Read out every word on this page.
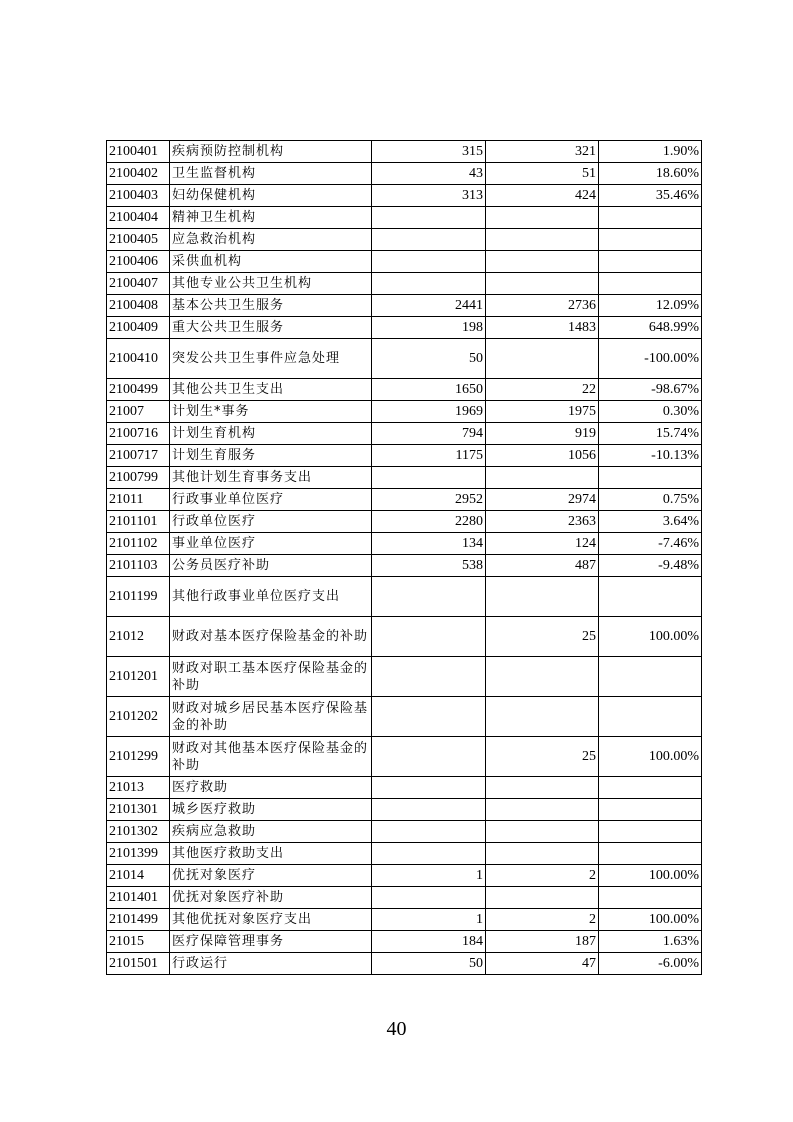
2100401	疾病预防控制机构	315	321	1.90%
2100402	卫生监督机构	43	51	18.60%
2100403	妇幼保健机构	313	424	35.46%
2100404	精神卫生机构			
2100405	应急救治机构			
2100406	采供血机构			
2100407	其他专业公共卫生机构			
2100408	基本公共卫生服务	2441	2736	12.09%
2100409	重大公共卫生服务	198	1483	648.99%
2100410	突发公共卫生事件应急处理	50		-100.00%
2100499	其他公共卫生支出	1650	22	-98.67%
21007	计划生*事务	1969	1975	0.30%
2100716	计划生育机构	794	919	15.74%
2100717	计划生育服务	1175	1056	-10.13%
2100799	其他计划生育事务支出			
21011	行政事业单位医疗	2952	2974	0.75%
2101101	行政单位医疗	2280	2363	3.64%
2101102	事业单位医疗	134	124	-7.46%
2101103	公务员医疗补助	538	487	-9.48%
2101199	其他行政事业单位医疗支出			
21012	财政对基本医疗保险基金的补助		25	100.00%
2101201	财政对职工基本医疗保险基金的补助			
2101202	财政对城乡居民基本医疗保险基金的补助			
2101299	财政对其他基本医疗保险基金的补助		25	100.00%
21013	医疗救助			
2101301	城乡医疗救助			
2101302	疾病应急救助			
2101399	其他医疗救助支出			
21014	优抚对象医疗	1	2	100.00%
2101401	优抚对象医疗补助			
2101499	其他优抚对象医疗支出	1	2	100.00%
21015	医疗保障管理事务	184	187	1.63%
2101501	行政运行	50	47	-6.00%
40
